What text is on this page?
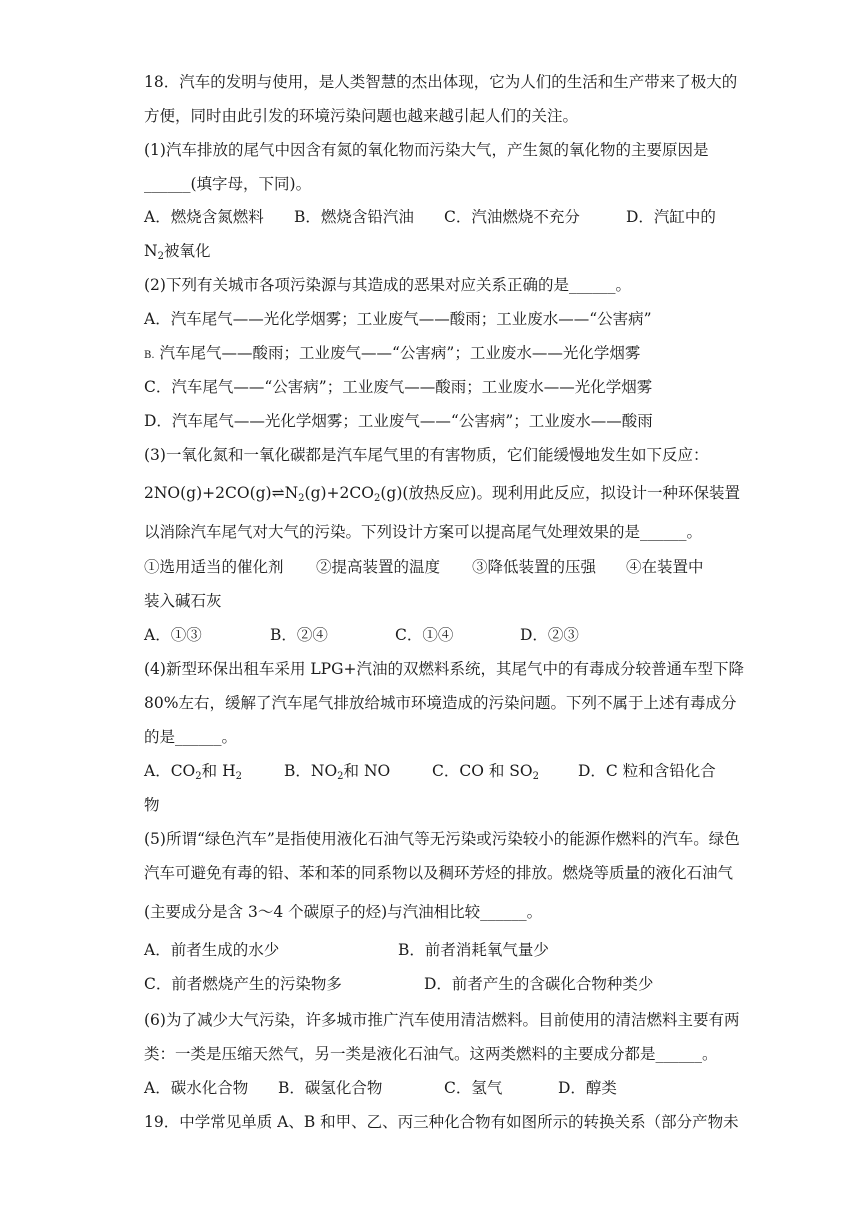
18．汽车的发明与使用，是人类智慧的杰出体现，它为人们的生活和生产带来了极大的
方便，同时由此引发的环境污染问题也越来越引起人们的关注。
(1)汽车排放的尾气中因含有氮的氧化物而污染大气，产生氮的氧化物的主要原因是
______(填字母，下同)。
A．燃烧含氮燃料 B．燃烧含铅汽油 C．汽油燃烧不充分	D．汽缸中的
$N_2$被氧化
(2)下列有关城市各项污染源与其造成的恶果对应关系正确的是______。
A．汽车尾气——光化学烟雾；工业废气——酸雨；工业废水——“公害病”
B. 汽车尾气——酸雨；工业废气——“公害病”；工业废水——光化学烟雾
C．汽车尾气——“公害病”；工业废气——酸雨；工业废水——光化学烟雾
D．汽车尾气——光化学烟雾；工业废气——“公害病”；工业废水——酸雨
(3)一氧化氮和一氧化碳都是汽车尾气里的有害物质，它们能缓慢地发生如下反应：
$2NO(g)+2CO(g)\rightleftharpoons N_2(g)+2CO_2(g)$(放热反应)。现利用此反应，拟设计一种环保装置
以消除汽车尾气对大气的污染。下列设计方案可以提高尾气处理效果的是______。
①选用适当的催化剂 ②提高装置的温度 ③降低装置的压强 ④在装置中
装入碱石灰
A．①③	B．②④	C．①④	D．②③
(4)新型环保出租车采用 LPG+汽油的双燃料系统，其尾气中的有毒成分较普通车型下降
80%左右，缓解了汽车尾气排放给城市环境造成的污染问题。下列不属于上述有毒成分
的是______。
A．$CO_2$和 $H_2$	B．$NO_2$和 NO	C．CO 和 $SO_2$	D．C 粒和含铅化合
物
(5)所谓“绿色汽车”是指使用液化石油气等无污染或污染较小的能源作燃料的汽车。绿色
汽车可避免有毒的铅、苯和苯的同系物以及稠环芳烃的排放。燃烧等质量的液化石油气
(主要成分是含 3～4 个碳原子的烃)与汽油相比较______。
A．前者生成的水少	B．前者消耗氧气量少
C．前者燃烧产生的污染物多	D．前者产生的含碳化合物种类少
(6)为了减少大气污染，许多城市推广汽车使用清洁燃料。目前使用的清洁燃料主要有两
类：一类是压缩天然气，另一类是液化石油气。这两类燃料的主要成分都是______。
A．碳水化合物 B．碳氢化合物	C．氢气	D．醇类
19．中学常见单质 A、B 和甲、乙、丙三种化合物有如图所示的转换关系（部分产物未
